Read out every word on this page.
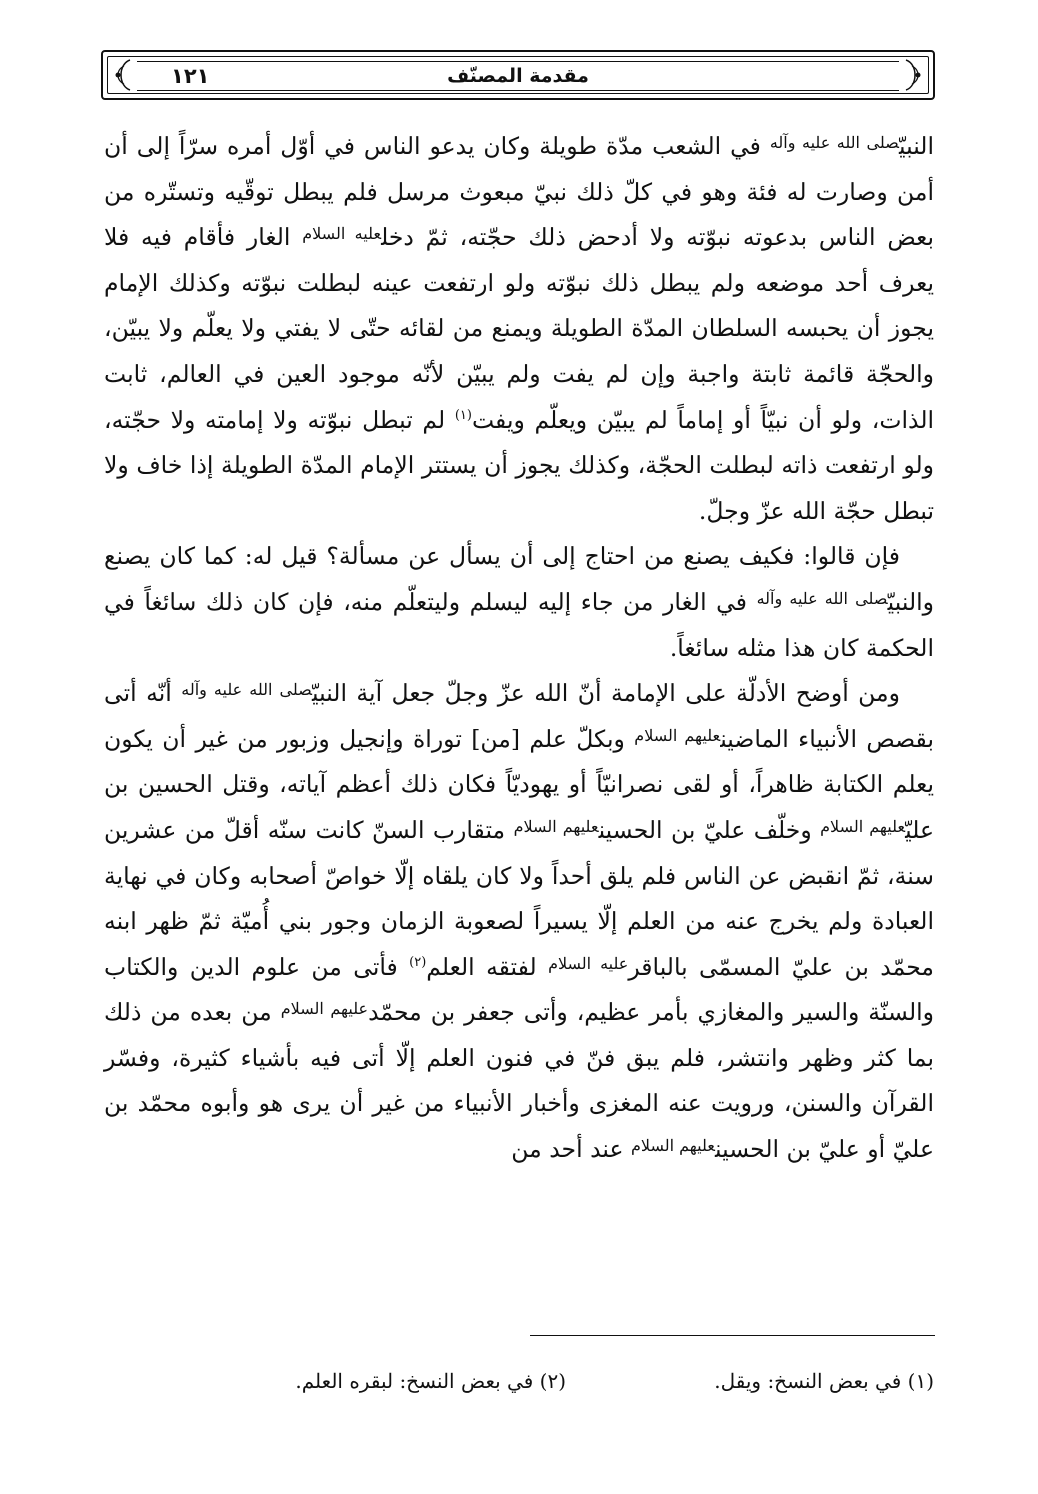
مقدمة المصنّف
١٢١

النبيّ$^{صلى الله عليه وآله}$ في الشعب مدّة طويلة وكان يدعو الناس في أوّل أمره سرّاً إلى أن أمن وصارت له فئة وهو في كلّ ذلك نبيّ مبعوث مرسل فلم يبطل توقّيه وتستّره من بعض الناس بدعوته نبوّته ولا أدحض ذلك حجّته، ثمّ دخل$^{عليه السلام}$ الغار فأقام فيه فلا يعرف أحد موضعه ولم يبطل ذلك نبوّته ولو ارتفعت عينه لبطلت نبوّته وكذلك الإمام يجوز أن يحبسه السلطان المدّة الطويلة ويمنع من لقائه حتّى لا يفتي ولا يعلّم ولا يبيّن، والحجّة قائمة ثابتة واجبة وإن لم يفت ولم يبيّن لأنّه موجود العين في العالم، ثابت الذات، ولو أن نبيّاً أو إماماً لم يبيّن ويعلّم ويفت$^{(١)}$ لم تبطل نبوّته ولا إمامته ولا حجّته، ولو ارتفعت ذاته لبطلت الحجّة، وكذلك يجوز أن يستتر الإمام المدّة الطويلة إذا خاف ولا تبطل حجّة الله عزّ وجلّ.

فإن قالوا: فكيف يصنع من احتاج إلى أن يسأل عن مسألة؟ قيل له: كما كان يصنع والنبيّ$^{صلى الله عليه وآله}$ في الغار من جاء إليه ليسلم وليتعلّم منه، فإن كان ذلك سائغاً في الحكمة كان هذا مثله سائغاً.

ومن أوضح الأدلّة على الإمامة أنّ الله عزّ وجلّ جعل آية النبيّ$^{صلى الله عليه وآله}$ أنّه أتى بقصص الأنبياء الماضين$^{عليهم السلام}$ وبكلّ علم [من] توراة وإنجيل وزبور من غير أن يكون يعلم الكتابة ظاهراً، أو لقى نصرانيّاً أو يهوديّاً فكان ذلك أعظم آياته، وقتل الحسين بن عليّ$^{عليهم السلام}$ وخلّف عليّ بن الحسين$^{عليهم السلام}$ متقارب السنّ كانت سنّه أقلّ من عشرين سنة، ثمّ انقبض عن الناس فلم يلق أحداً ولا كان يلقاه إلّا خواصّ أصحابه وكان في نهاية العبادة ولم يخرج عنه من العلم إلّا يسيراً لصعوبة الزمان وجور بني أُميّة ثمّ ظهر ابنه محمّد بن عليّ المسمّى بالباقر$^{عليه السلام}$ لفتقه العلم$^{(٢)}$ فأتى من علوم الدين والكتاب والسنّة والسير والمغازي بأمر عظيم، وأتى جعفر بن محمّد$^{عليهم السلام}$ من بعده من ذلك بما كثر وظهر وانتشر، فلم يبق فنّ في فنون العلم إلّا أتى فيه بأشياء كثيرة، وفسّر القرآن والسنن، ورويت عنه المغزى وأخبار الأنبياء من غير أن يرى هو وأبوه محمّد بن عليّ أو عليّ بن الحسين$^{عليهم السلام}$ عند أحد من

(١) في بعض النسخ: ويقل.
(٢) في بعض النسخ: لبقره العلم.
